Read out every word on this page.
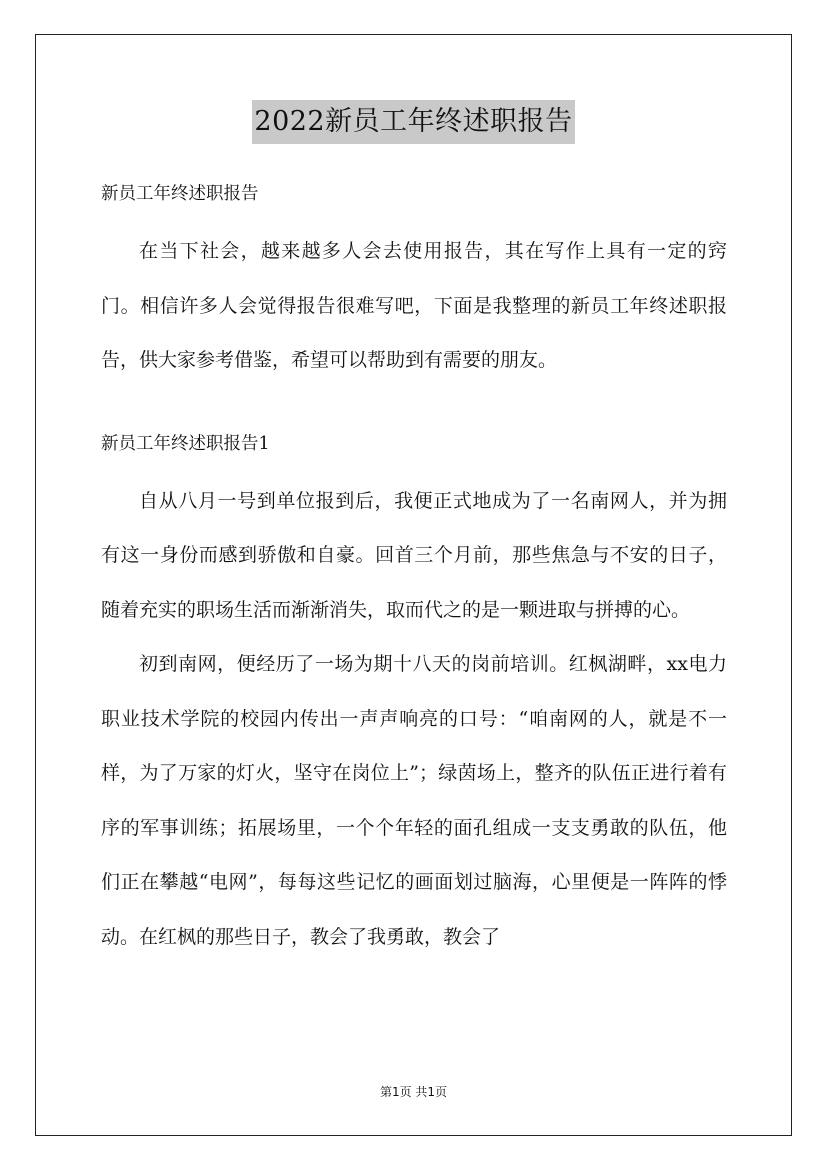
2022新员工年终述职报告

新员工年终述职报告

在当下社会，越来越多人会去使用报告，其在写作上具有一定的窍门。相信许多人会觉得报告很难写吧，下面是我整理的新员工年终述职报告，供大家参考借鉴，希望可以帮助到有需要的朋友。

新员工年终述职报告1

自从八月一号到单位报到后，我便正式地成为了一名南网人，并为拥有这一身份而感到骄傲和自豪。回首三个月前，那些焦急与不安的日子，随着充实的职场生活而渐渐消失，取而代之的是一颗进取与拼搏的心。

初到南网，便经历了一场为期十八天的岗前培训。红枫湖畔，xx电力职业技术学院的校园内传出一声声响亮的口号：“咱南网的人，就是不一样，为了万家的灯火，坚守在岗位上”；绿茵场上，整齐的队伍正进行着有序的军事训练；拓展场里，一个个年轻的面孔组成一支支勇敢的队伍，他们正在攀越“电网”，每每这些记忆的画面划过脑海，心里便是一阵阵的悸动。在红枫的那些日子，教会了我勇敢，教会了

第1页 共1页
